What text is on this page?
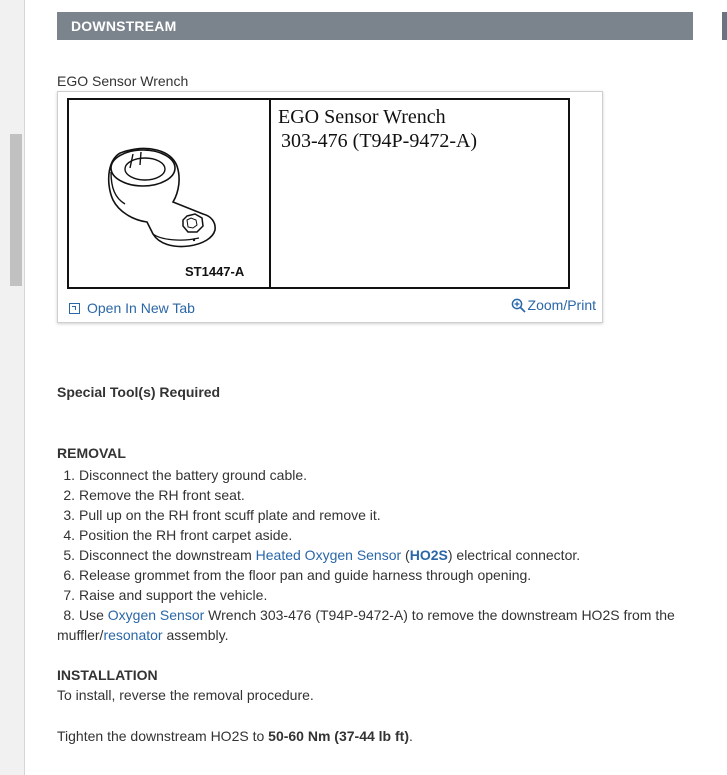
DOWNSTREAM
EGO Sensor Wrench
ST1447-A
EGO Sensor Wrench
303-476 (T94P-9472-A)
Open In New Tab	Zoom/Print
Special Tool(s) Required
REMOVAL
1. Disconnect the battery ground cable.
2. Remove the RH front seat.
3. Pull up on the RH front scuff plate and remove it.
4. Position the RH front carpet aside.
5. Disconnect the downstream Heated Oxygen Sensor (HO2S) electrical connector.
6. Release grommet from the floor pan and guide harness through opening.
7. Raise and support the vehicle.
8. Use Oxygen Sensor Wrench 303-476 (T94P-9472-A) to remove the downstream HO2S from the muffler/resonator assembly.
INSTALLATION
To install, reverse the removal procedure.
Tighten the downstream HO2S to 50-60 Nm (37-44 lb ft).
